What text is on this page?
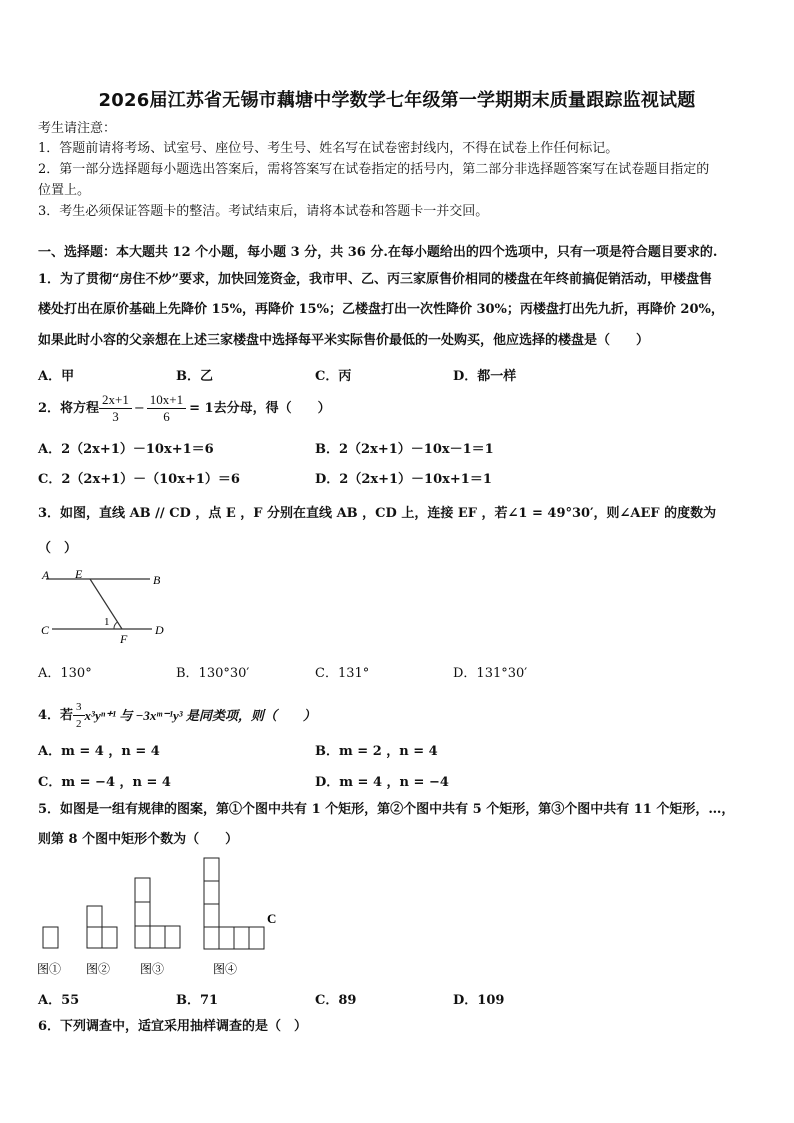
2026届江苏省无锡市藕塘中学数学七年级第一学期期末质量跟踪监视试题
考生请注意：
1．答题前请将考场、试室号、座位号、考生号、姓名写在试卷密封线内，不得在试卷上作任何标记。
2．第一部分选择题每小题选出答案后，需将答案写在试卷指定的括号内，第二部分非选择题答案写在试卷题目指定的
位置上。
3．考生必须保证答题卡的整洁。考试结束后，请将本试卷和答题卡一并交回。
一、选择题：本大题共 12 个小题，每小题 3 分，共 36 分.在每小题给出的四个选项中，只有一项是符合题目要求的.
1．为了贯彻“房住不炒”要求，加快回笼资金，我市甲、乙、丙三家原售价相同的楼盘在年终前搞促销活动，甲楼盘售
楼处打出在原价基础上先降价 15%，再降价 15%；乙楼盘打出一次性降价 30%；丙楼盘打出先九折，再降价 20%，
如果此时小容的父亲想在上述三家楼盘中选择每平米实际售价最低的一处购买，他应选择的楼盘是（　　）
A．甲	B．乙	C．丙	D．都一样
2．将方程 $\frac{2x+1}{3} - \frac{10x+1}{6} = 1$去分母，得（　　）
A．2（2x+1）－10x+1＝6	B．2（2x+1）－10x－1＝1
C．2（2x+1）－（10x+1）＝6	D．2（2x+1）－10x+1＝1
3．如图，直线 AB // CD ，点 E ，F 分别在直线 AB ，CD 上，连接 EF ，若∠1 = 49°30′，则∠AEF 的度数为
（　）
A E	B
C
1
F
D
A．130°	B．130°30′	C．131°	D．131°30′
4．若 $\frac{3}{2} x^3y^{n+1}$ 与 −3xᵐ⁻¹y³ 是同类项，则（　　）
A．m = 4 ，n = 4	B．m = 2 ，n = 4
C．m = −4 ，n = 4	D．m = 4 ，n = −4
5．如图是一组有规律的图案，第①个图中共有 1 个矩形，第②个图中共有 5 个矩形，第③个图中共有 11 个矩形，…，
则第 8 个图中矩形个数为（　　）
C
图① 图② 图③	图④
A．55	B．71	C．89	D．109
6．下列调查中，适宜采用抽样调查的是（　）
